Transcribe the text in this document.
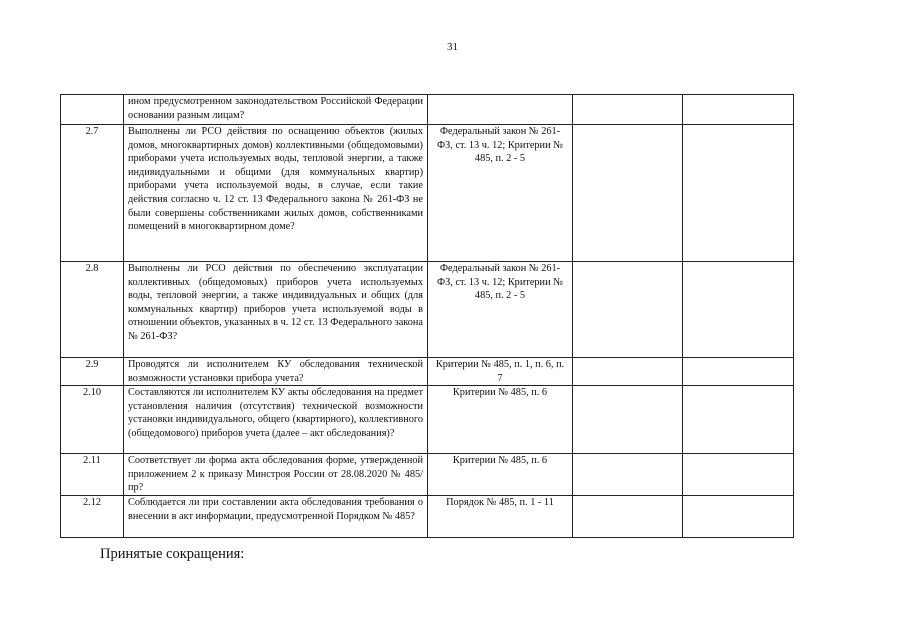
31
	ином предусмотренном законодательством Российской Федерации основании разным лицам?			
2.7	Выполнены ли РСО действия по оснащению объектов (жилых домов, многоквартирных домов) коллективными (общедомовыми) приборами учета используемых воды, тепловой энергии, а также индивидуальными и общими (для коммунальных квартир) приборами учета используемой воды, в случае, если такие действия согласно ч. 12 ст. 13 Федерального закона № 261-ФЗ не были совершены собственниками жилых домов, собственниками помещений в многоквартирном доме?	Федеральный закон № 261-ФЗ, ст. 13 ч. 12; Критерии № 485, п. 2 - 5		
2.8	Выполнены ли РСО действия по обеспечению эксплуатации коллективных (общедомовых) приборов учета используемых воды, тепловой энергии, а также индивидуальных и общих (для коммунальных квартир) приборов учета используемой воды в отношении объектов, указанных в ч. 12 ст. 13 Федерального закона № 261-ФЗ?	Федеральный закон № 261-ФЗ, ст. 13 ч. 12; Критерии № 485, п. 2 - 5		
2.9	Проводятся ли исполнителем КУ обследования технической возможности установки прибора учета?	Критерии № 485, п. 1, п. 6, п. 7		
2.10	Составляются ли исполнителем КУ акты обследования на предмет установления наличия (отсутствия) технической возможности установки индивидуального, общего (квартирного), коллективного (общедомового) приборов учета (далее – акт обследования)?	Критерии № 485, п. 6		
2.11	Соответствует ли форма акта обследования форме, утвержденной приложением 2 к приказу Минстроя России от 28.08.2020 № 485/пр?	Критерии № 485, п. 6		
2.12	Соблюдается ли при составлении акта обследования требования о внесении в акт информации, предусмотренной Порядком № 485?	Порядок № 485, п. 1 - 11		
Принятые сокращения:
